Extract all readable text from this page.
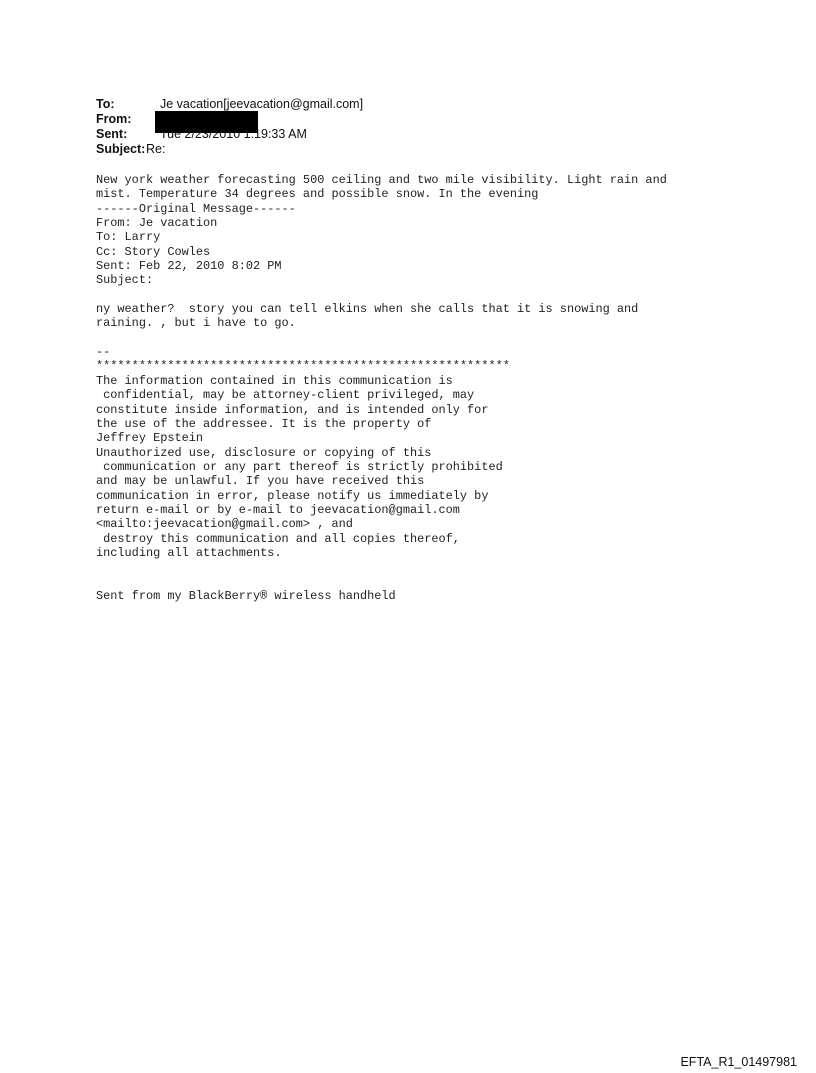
To:	Je vacation[jeevacation@gmail.com]
From:
Sent:	Tue 2/23/2010 1:19:33 AM
Subject: Re:
New york weather forecasting 500 ceiling and two mile visibility. Light rain and
mist. Temperature 34 degrees and possible snow. In the evening
------Original Message------
From: Je vacation
To: Larry
Cc: Story Cowles
Sent: Feb 22, 2010 8:02 PM
Subject:

ny weather?  story you can tell elkins when she calls that it is snowing and
raining. , but i have to go.

--
**********************************************************
The information contained in this communication is
confidential, may be attorney-client privileged, may
constitute inside information, and is intended only for
the use of the addressee. It is the property of
Jeffrey Epstein
Unauthorized use, disclosure or copying of this
communication or any part thereof is strictly prohibited
and may be unlawful. If you have received this
communication in error, please notify us immediately by
return e-mail or by e-mail to jeevacation@gmail.com
<mailto:jeevacation@gmail.com> , and
destroy this communication and all copies thereof,
including all attachments.

Sent from my BlackBerry® wireless handheld

EFTA_R1_01497981
